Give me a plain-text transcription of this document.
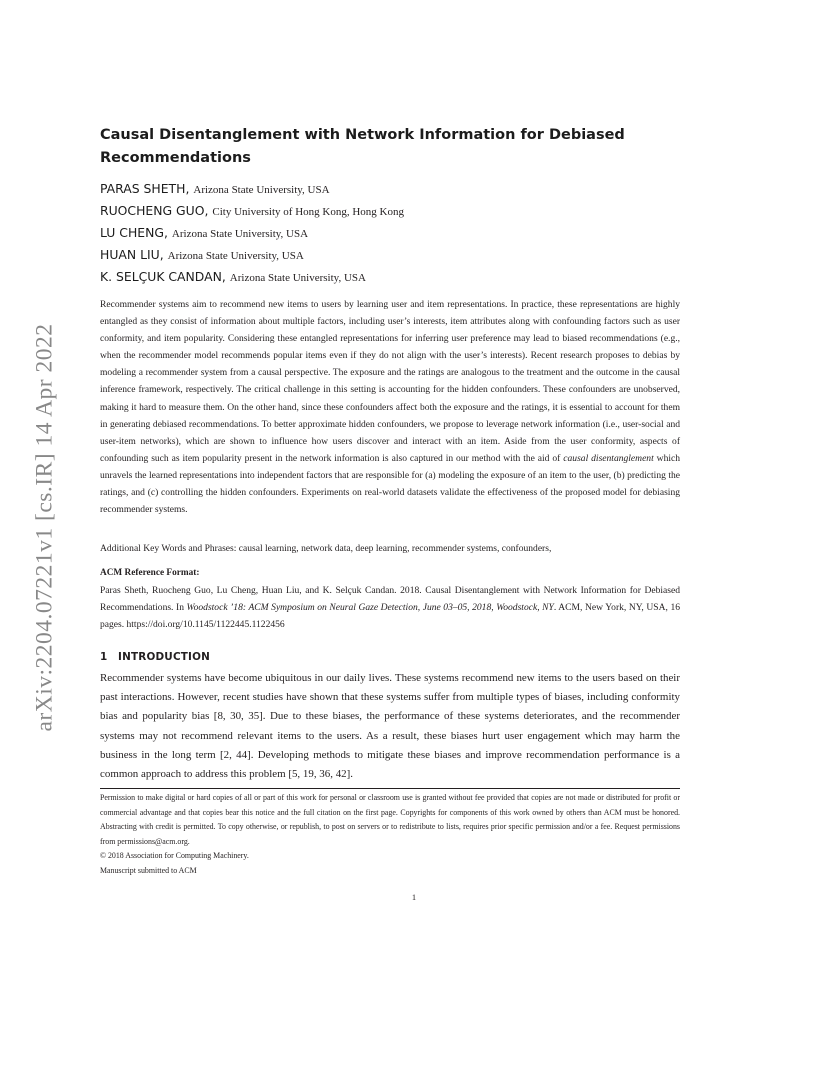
arXiv:2204.07221v1 [cs.IR] 14 Apr 2022
Causal Disentanglement with Network Information for Debiased Recommendations
PARAS SHETH, Arizona State University, USA
RUOCHENG GUO, City University of Hong Kong, Hong Kong
LU CHENG, Arizona State University, USA
HUAN LIU, Arizona State University, USA
K. SELÇUK CANDAN, Arizona State University, USA
Recommender systems aim to recommend new items to users by learning user and item representations. In practice, these representations are highly entangled as they consist of information about multiple factors, including user’s interests, item attributes along with confounding factors such as user conformity, and item popularity. Considering these entangled representations for inferring user preference may lead to biased recommendations (e.g., when the recommender model recommends popular items even if they do not align with the user’s interests). Recent research proposes to debias by modeling a recommender system from a causal perspective. The exposure and the ratings are analogous to the treatment and the outcome in the causal inference framework, respectively. The critical challenge in this setting is accounting for the hidden confounders. These confounders are unobserved, making it hard to measure them. On the other hand, since these confounders affect both the exposure and the ratings, it is essential to account for them in generating debiased recommendations. To better approximate hidden confounders, we propose to leverage network information (i.e., user-social and user-item networks), which are shown to influence how users discover and interact with an item. Aside from the user conformity, aspects of confounding such as item popularity present in the network information is also captured in our method with the aid of causal disentanglement which unravels the learned representations into independent factors that are responsible for (a) modeling the exposure of an item to the user, (b) predicting the ratings, and (c) controlling the hidden confounders. Experiments on real-world datasets validate the effectiveness of the proposed model for debiasing recommender systems.
Additional Key Words and Phrases: causal learning, network data, deep learning, recommender systems, confounders,
ACM Reference Format:
Paras Sheth, Ruocheng Guo, Lu Cheng, Huan Liu, and K. Selçuk Candan. 2018. Causal Disentanglement with Network Information for Debiased Recommendations. In Woodstock ’18: ACM Symposium on Neural Gaze Detection, June 03–05, 2018, Woodstock, NY. ACM, New York, NY, USA, 16 pages. https://doi.org/10.1145/1122445.1122456
1 INTRODUCTION
Recommender systems have become ubiquitous in our daily lives. These systems recommend new items to the users based on their past interactions. However, recent studies have shown that these systems suffer from multiple types of biases, including conformity bias and popularity bias [8, 30, 35]. Due to these biases, the performance of these systems deteriorates, and the recommender systems may not recommend relevant items to the users. As a result, these biases hurt user engagement which may harm the business in the long term [2, 44]. Developing methods to mitigate these biases and improve recommendation performance is a common approach to address this problem [5, 19, 36, 42].
Permission to make digital or hard copies of all or part of this work for personal or classroom use is granted without fee provided that copies are not made or distributed for profit or commercial advantage and that copies bear this notice and the full citation on the first page. Copyrights for components of this work owned by others than ACM must be honored. Abstracting with credit is permitted. To copy otherwise, or republish, to post on servers or to redistribute to lists, requires prior specific permission and/or a fee. Request permissions from permissions@acm.org.
© 2018 Association for Computing Machinery.
Manuscript submitted to ACM
1
